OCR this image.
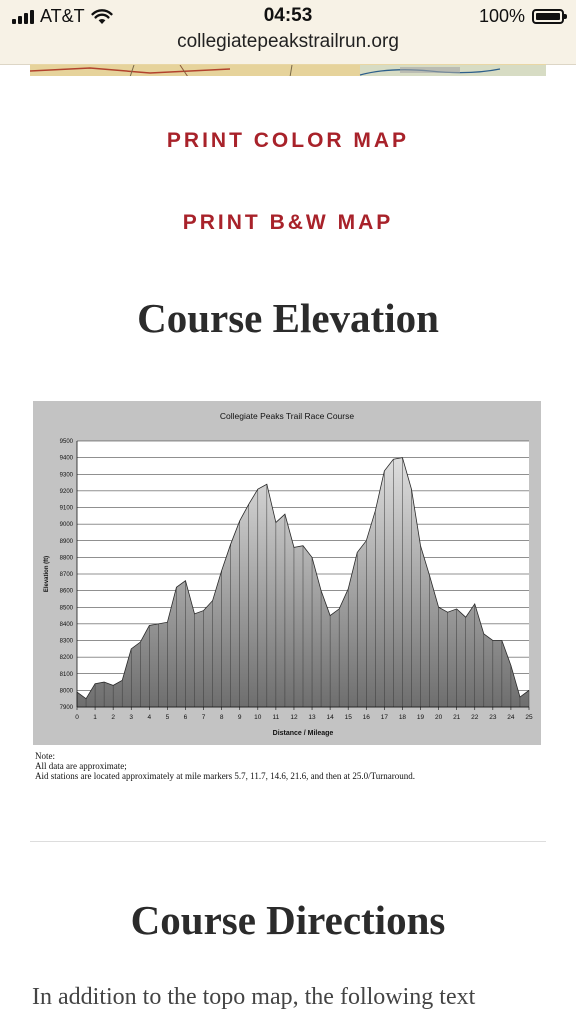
AT&T	04:53	100%
collegiatepeakstrailrun.org
PRINT COLOR MAP
PRINT B&W MAP
Course Elevation
Collegiate Peaks Trail Race Course
Distance / Mileage
Elevation (ft)
7900
8000
8100
8200
8300
8400
8500
8600
8700
8800
8900
9000
9100
9200
9300
9400
9500
0 1 2 3 4 5 6 7 8 9 10 11 12 13 14 15 16 17 18 19 20 21 22 23 24 25
Note:
All data are approximate;
Aid stations are located approximately at mile markers 5.7, 11.7, 14.6, 21.6, and then at 25.0/Turnaround.
Course Directions
In addition to the topo map, the following text
